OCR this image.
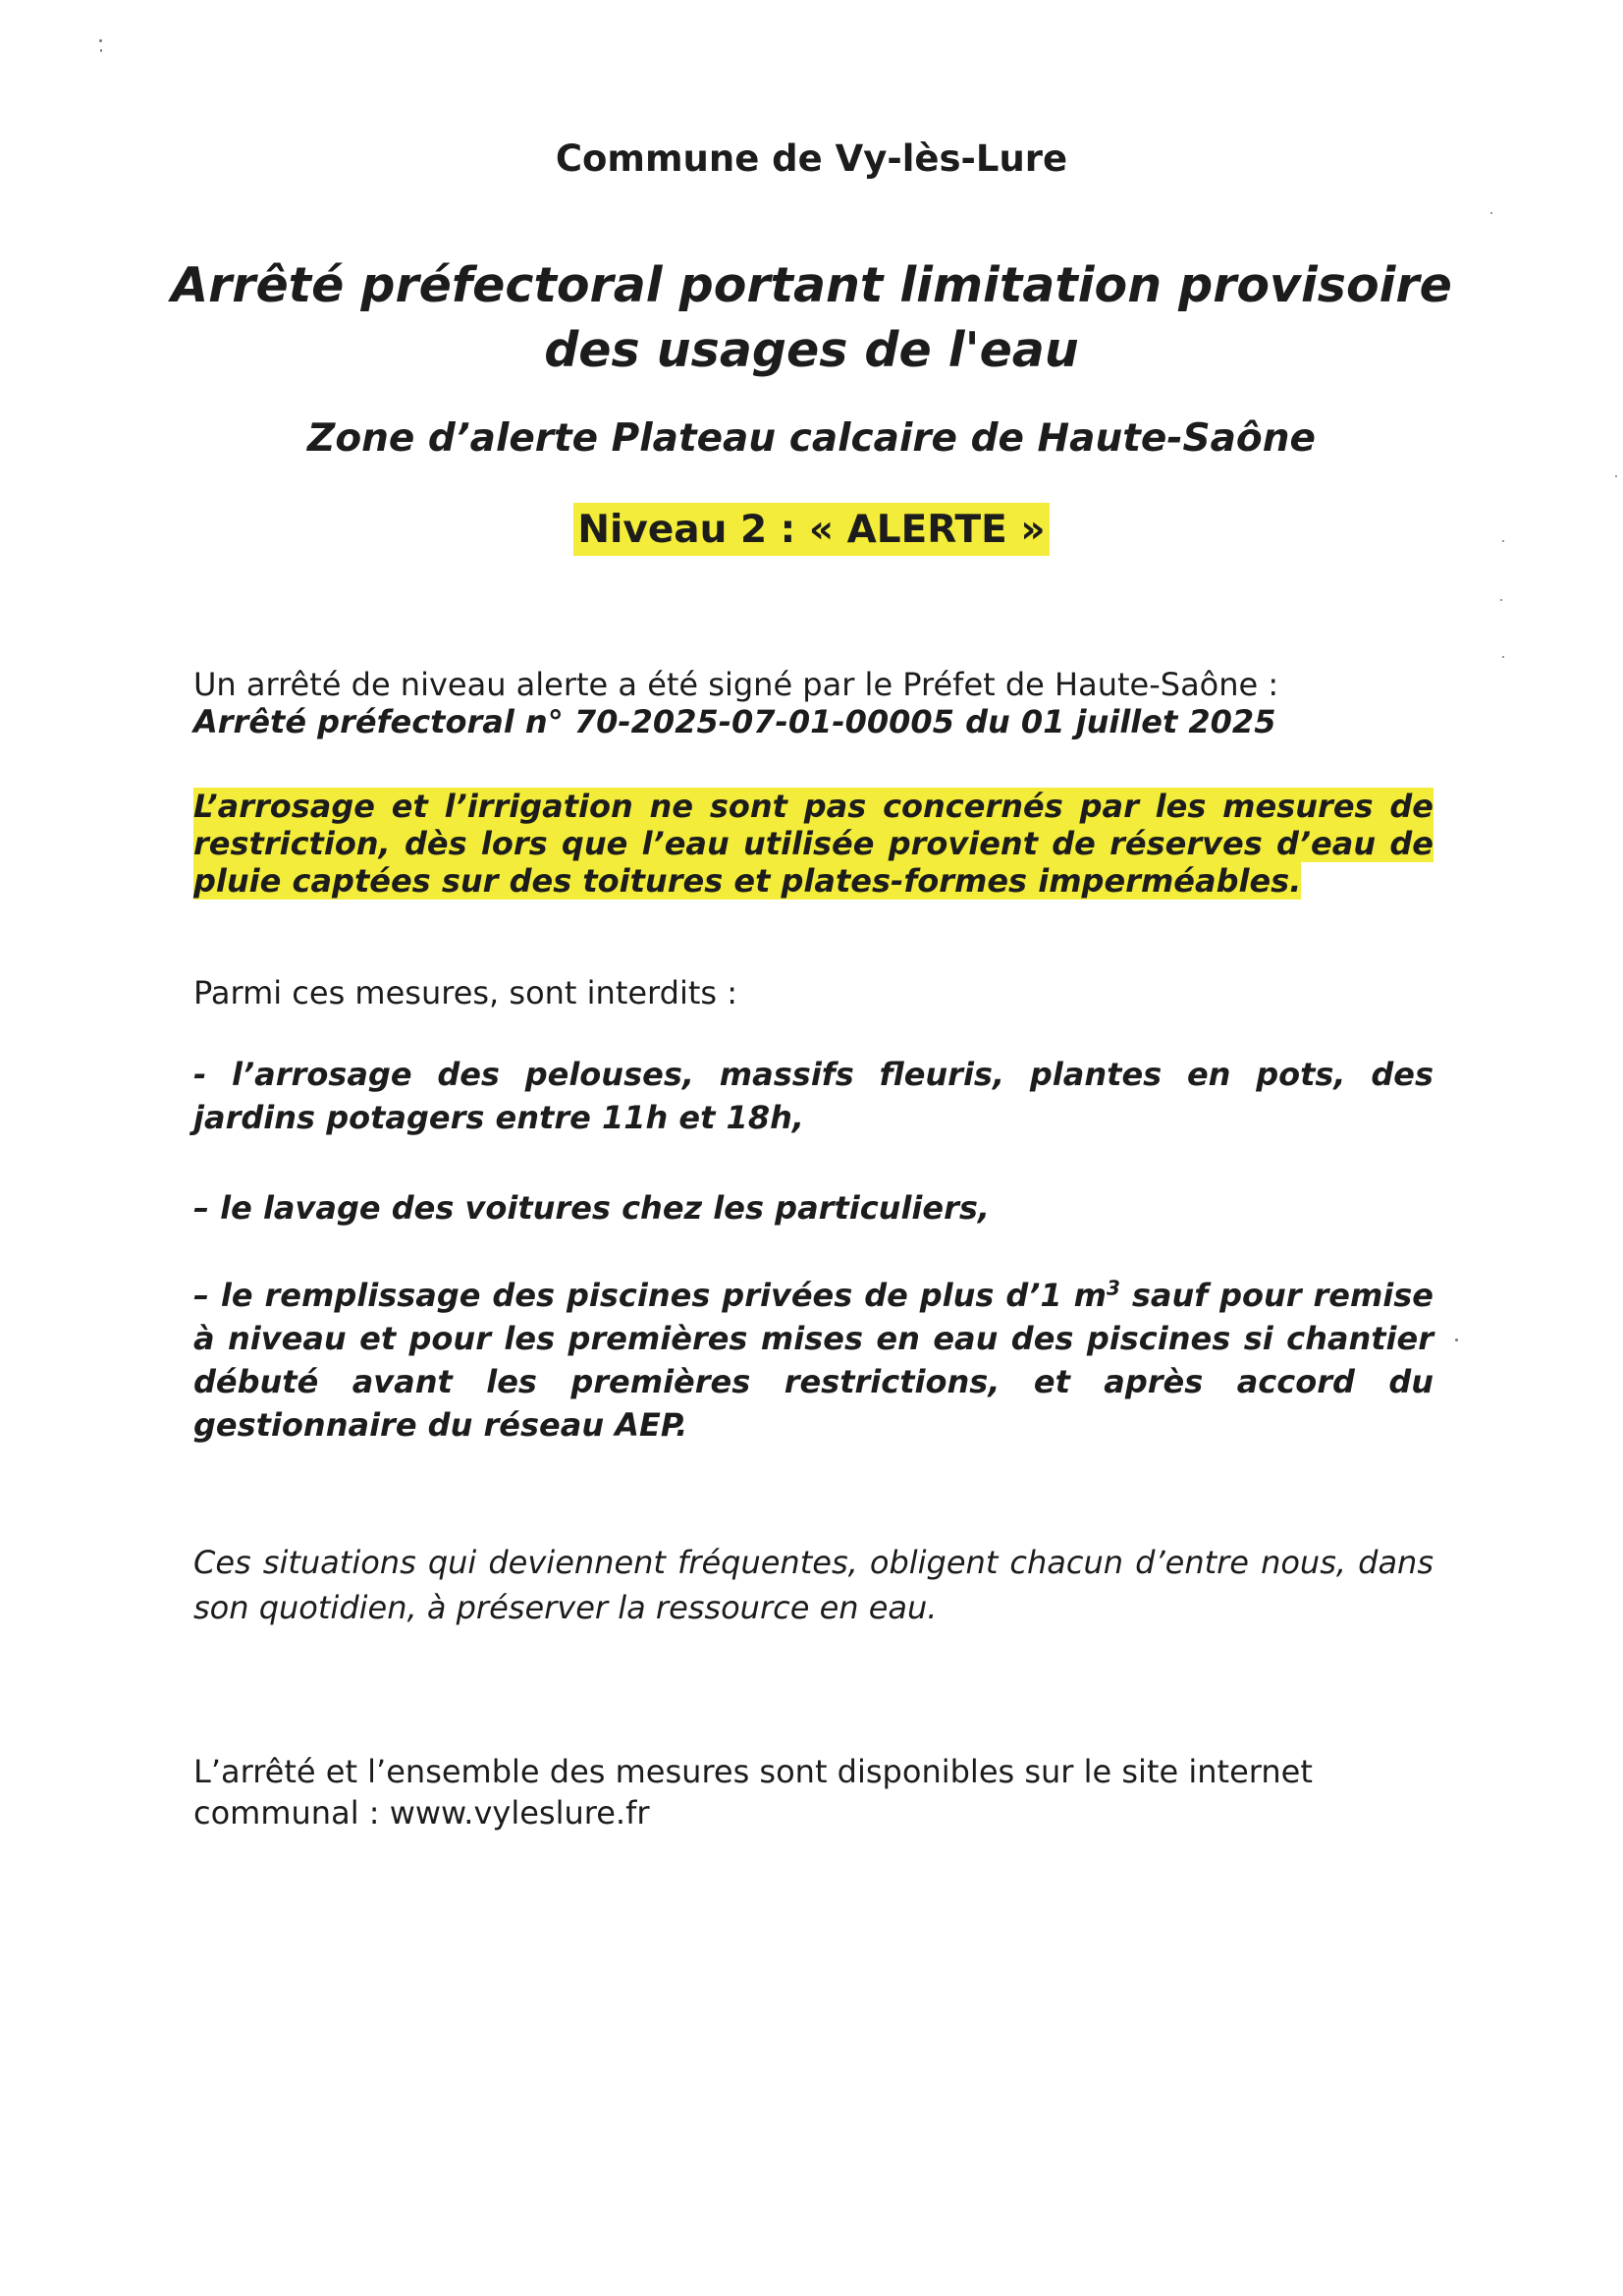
Commune de Vy-lès-Lure
Arrêté préfectoral portant limitation provisoire
des usages de l'eau
Zone d’alerte Plateau calcaire de Haute-Saône
Niveau 2 : « ALERTE »

Un arrêté de niveau alerte a été signé par le Préfet de Haute-Saône :
Arrêté préfectoral n° 70-2025-07-01-00005 du 01 juillet 2025

L’arrosage et l’irrigation ne sont pas concernés par les mesures de restriction, dès lors que l’eau utilisée provient de réserves d’eau de pluie captées sur des toitures et plates-formes imperméables.

Parmi ces mesures, sont interdits :

- l’arrosage des pelouses, massifs fleuris, plantes en pots, des jardins potagers entre 11h et 18h,

– le lavage des voitures chez les particuliers,

– le remplissage des piscines privées de plus d’1 $m^3$ sauf pour remise à niveau et pour les premières mises en eau des piscines si chantier débuté avant les premières restrictions, et après accord du gestionnaire du réseau AEP.

Ces situations qui deviennent fréquentes, obligent chacun d’entre nous, dans son quotidien, à préserver la ressource en eau.

L’arrêté et l’ensemble des mesures sont disponibles sur le site internet
communal : www.vyleslure.fr
